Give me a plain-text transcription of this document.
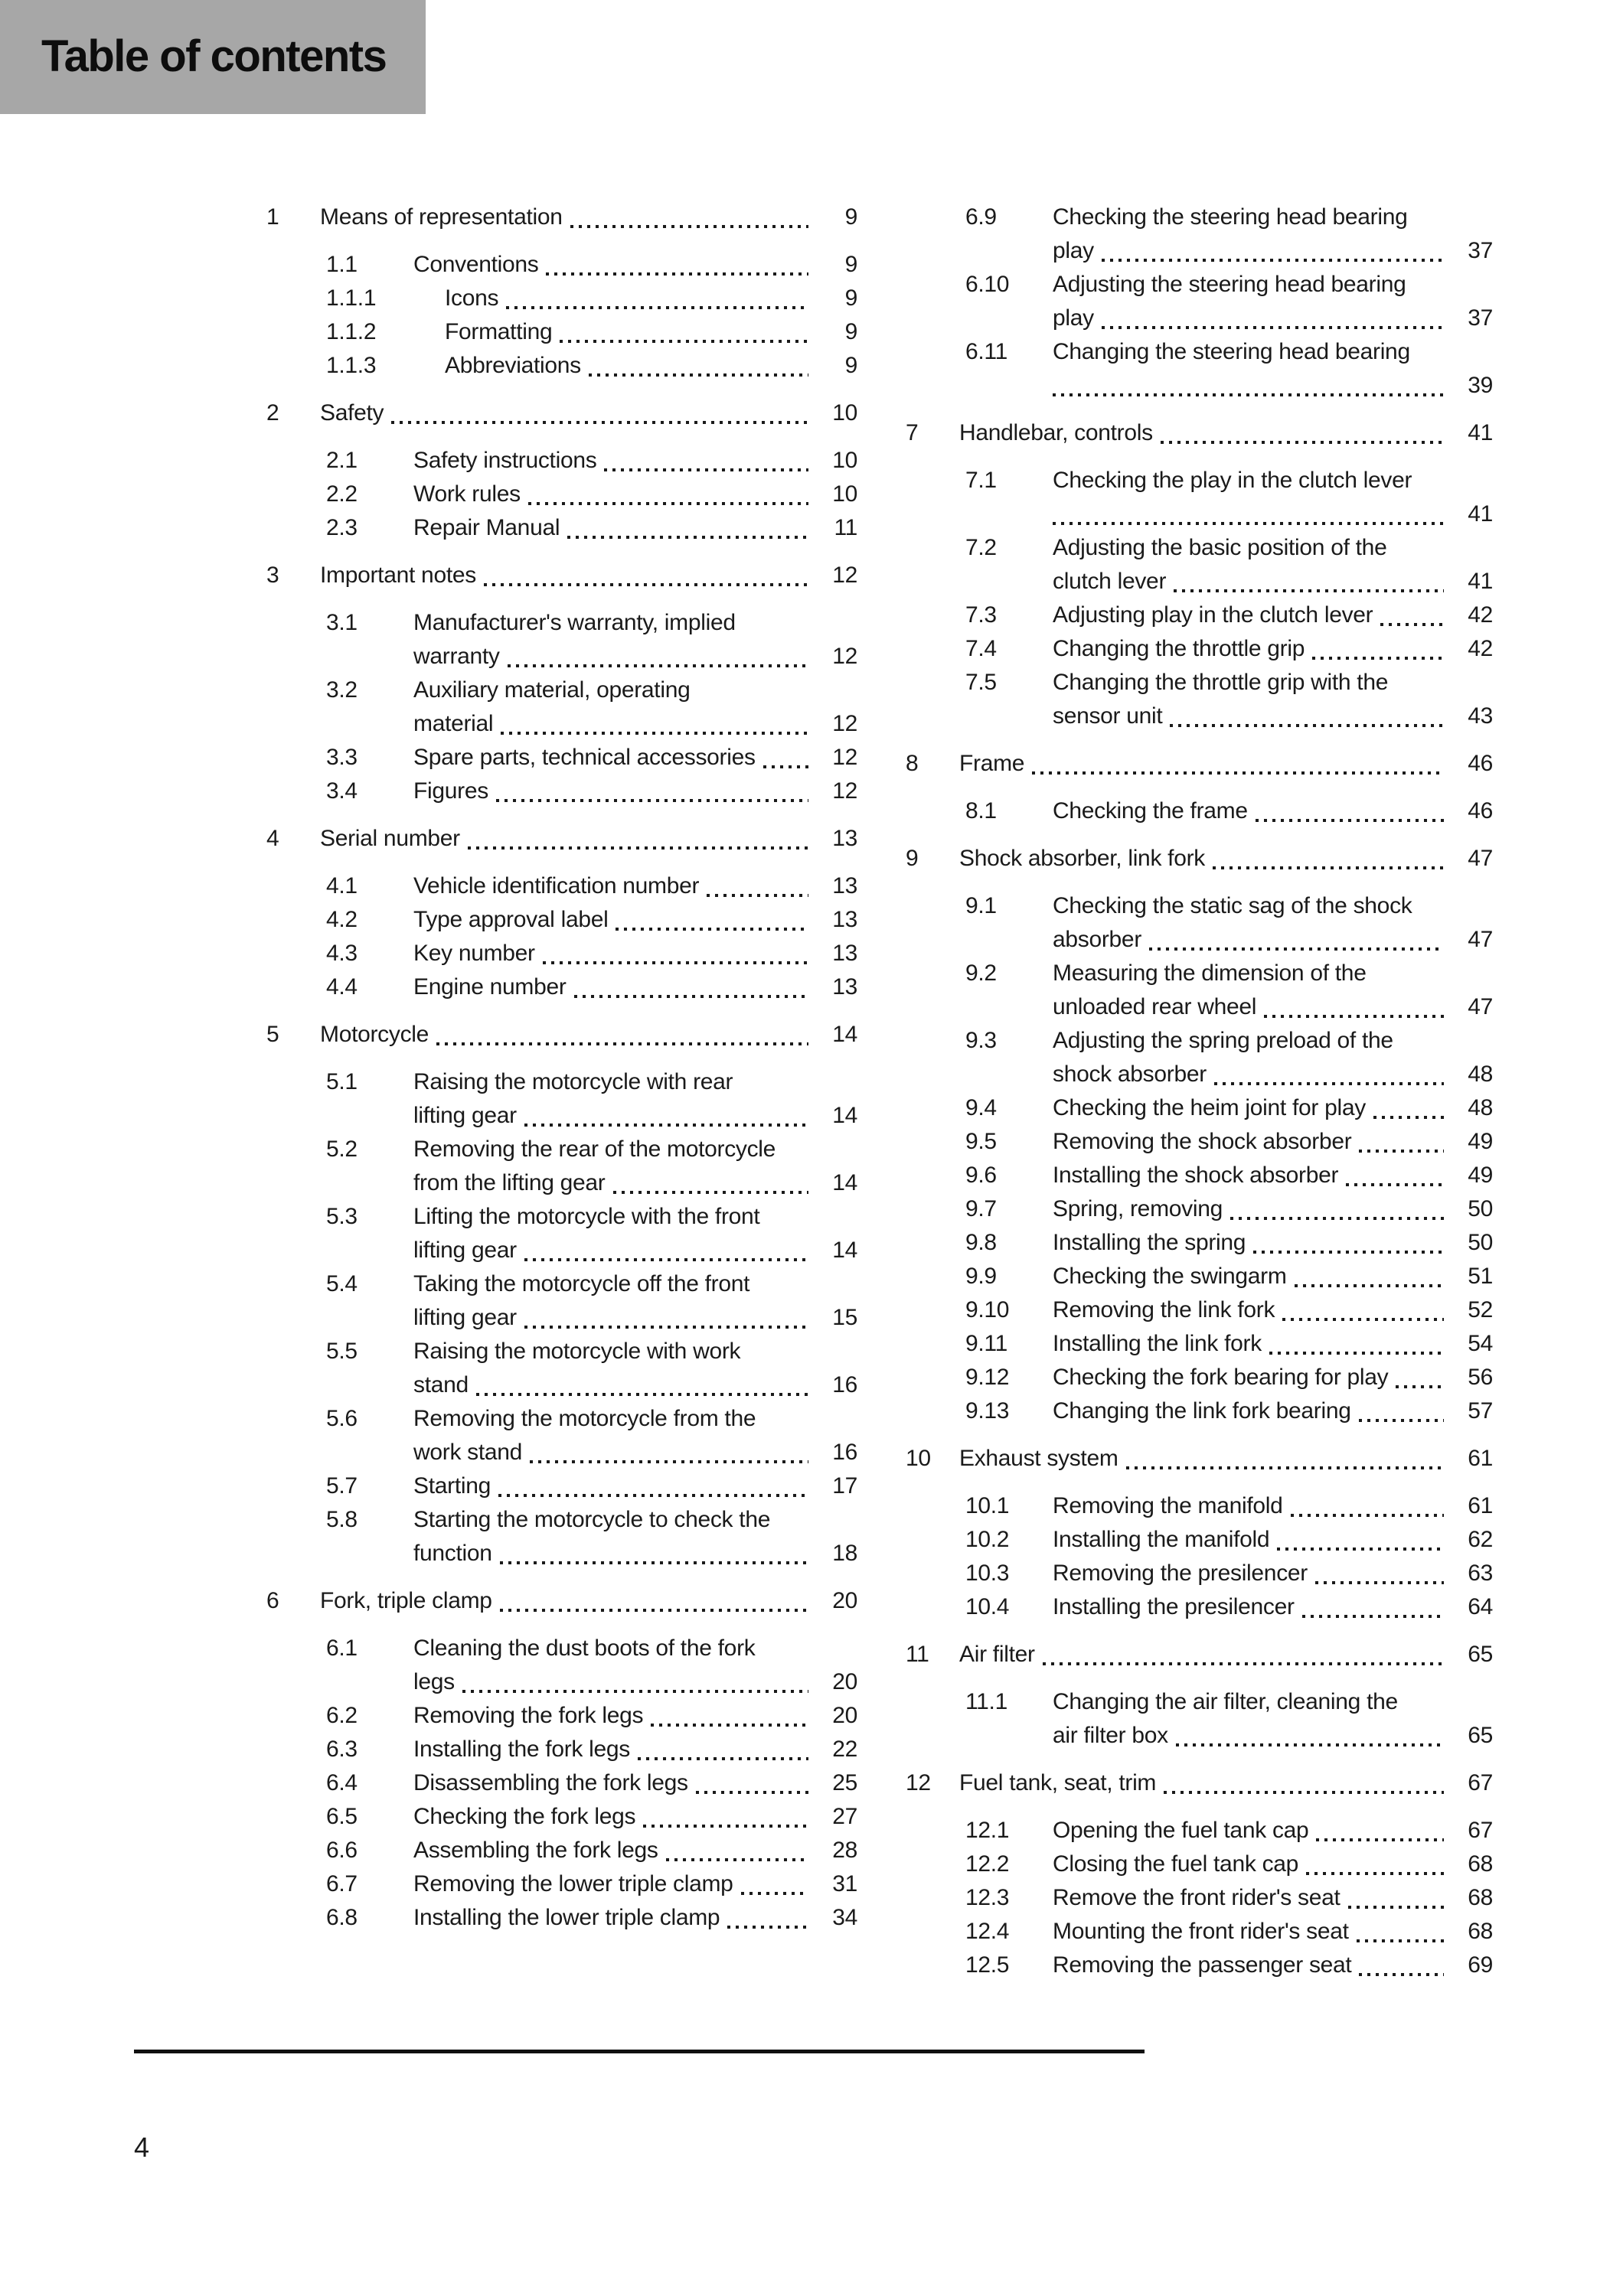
Table of contents
1	Means of representation	9
1.1	Conventions	9
1.1.1	Icons	9
1.1.2	Formatting	9
1.1.3	Abbreviations	9
2	Safety	10
2.1	Safety instructions	10
2.2	Work rules	10
2.3	Repair Manual	11
3	Important notes	12
3.1	Manufacturer's warranty, implied
warranty	12
3.2	Auxiliary material, operating
material	12
3.3	Spare parts, technical accessories	12
3.4	Figures	12
4	Serial number	13
4.1	Vehicle identification number	13
4.2	Type approval label	13
4.3	Key number	13
4.4	Engine number	13
5	Motorcycle	14
5.1	Raising the motorcycle with rear
lifting gear	14
5.2	Removing the rear of the motorcycle
from the lifting gear	14
5.3	Lifting the motorcycle with the front
lifting gear	14
5.4	Taking the motorcycle off the front
lifting gear	15
5.5	Raising the motorcycle with work
stand	16
5.6	Removing the motorcycle from the
work stand	16
5.7	Starting	17
5.8	Starting the motorcycle to check the
function	18
6	Fork, triple clamp	20
6.1	Cleaning the dust boots of the fork
legs	20
6.2	Removing the fork legs	20
6.3	Installing the fork legs	22
6.4	Disassembling the fork legs	25
6.5	Checking the fork legs	27
6.6	Assembling the fork legs	28
6.7	Removing the lower triple clamp	31
6.8	Installing the lower triple clamp	34
6.9	Checking the steering head bearing
play	37
6.10	Adjusting the steering head bearing
play	37
6.11	Changing the steering head bearing
39
7	Handlebar, controls	41
7.1	Checking the play in the clutch lever
41
7.2	Adjusting the basic position of the
clutch lever	41
7.3	Adjusting play in the clutch lever	42
7.4	Changing the throttle grip	42
7.5	Changing the throttle grip with the
sensor unit	43
8	Frame	46
8.1	Checking the frame	46
9	Shock absorber, link fork	47
9.1	Checking the static sag of the shock
absorber	47
9.2	Measuring the dimension of the
unloaded rear wheel	47
9.3	Adjusting the spring preload of the
shock absorber	48
9.4	Checking the heim joint for play	48
9.5	Removing the shock absorber	49
9.6	Installing the shock absorber	49
9.7	Spring, removing	50
9.8	Installing the spring	50
9.9	Checking the swingarm	51
9.10	Removing the link fork	52
9.11	Installing the link fork	54
9.12	Checking the fork bearing for play	56
9.13	Changing the link fork bearing	57
10	Exhaust system	61
10.1	Removing the manifold	61
10.2	Installing the manifold	62
10.3	Removing the presilencer	63
10.4	Installing the presilencer	64
11	Air filter	65
11.1	Changing the air filter, cleaning the
air filter box	65
12	Fuel tank, seat, trim	67
12.1	Opening the fuel tank cap	67
12.2	Closing the fuel tank cap	68
12.3	Remove the front rider's seat	68
12.4	Mounting the front rider's seat	68
12.5	Removing the passenger seat	69
4
